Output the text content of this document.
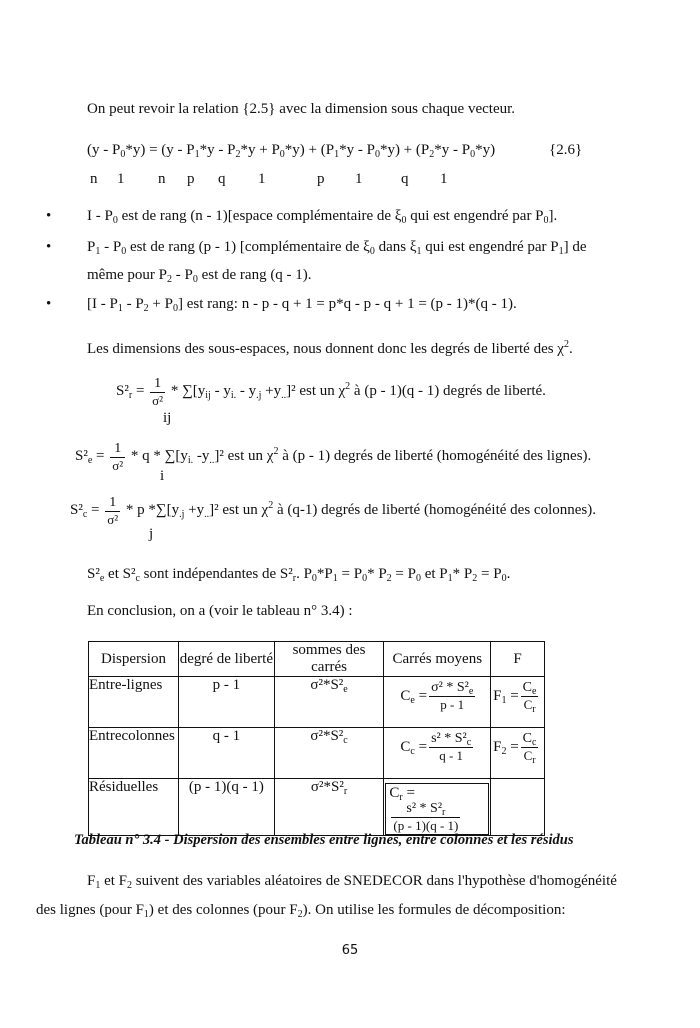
On peut revoir la relation {2.5} avec la dimension sous chaque vecteur.
$(y - P_0*y) = (y - P_1*y - P_2*y + P_0*y) + (P_1*y - P_0*y) + (P_2*y - P_0*y)$	{2.6}
n 1 n p q 1	p 1	q 1
• I - $P_0$ est de rang (n - 1)[espace complémentaire de $\xi_0$ qui est engendré par $P_0$].
• $P_1 - P_0$ est de rang (p - 1) [complémentaire de $\xi_0$ dans $\xi_1$ qui est engendré par $P_1$] de
même pour $P_2 - P_0$ est de rang (q - 1).
• $[I - P_1 - P_2 + P_0]$ est rang: n - p - q + 1 = p*q - p - q + 1 = (p - 1)*(q - 1).
Les dimensions des sous-espaces, nous donnent donc les degrés de liberté des $\chi^2$.
$S^2_r = \frac{1}{\text{σ²}} * \sum[y_{ij} - y_{i.} - y_{.j} +y_{..}]^2$ est un $\chi^2$ à (p - 1)(q - 1) degrés de liberté.
ij
$S^2_e = \frac{1}{\text{σ²}} * q * \sum[y_{i.}$ $-y_{..}]^2$ est un $\chi^2$ à (p - 1) degrés de liberté (homogénéité des lignes).
i
$S^2_c = \frac{1}{\text{σ²}} * p$ $*\sum[y_{.j} +y_{..}]^2$ est un $\chi^2$ à (q-1) degrés de liberté (homogénéité des colonnes).
j
$S^2_e$ et $S^2_c$ sont indépendantes de $S^2_r$. $P_0*P_1 = P_0*$ $P_2 = P_0$ et $P_1*$ $P_2 = P_0$.
En conclusion, on a (voir le tableau n° 3.4) :
Dispersion	degré de liberté	sommes des carrés	Carrés moyens	F
Entre-lignes	p - 1	$\sigma^2*S^2_e$	$C_e = \frac{\sigma^2 * S^2_e}{p - 1}$	$F_1 = \frac{C_e}{C_r}$

Entrecolonnes	q - 1	$\sigma^2*S^2_c$	$C_c = \frac{s^2 * S^2_c}{q - 1}$	$F_2 = \frac{C_c}{C_r}$

Résiduelles	(p - 1)(q - 1)	$\sigma^2*S^2_r$	$C_r$ =
$\frac{s^2 * S^2_r}{(p - 1)(q - 1)}$

Tableau n° 3.4 - Dispersion des ensembles entre lignes, entre colonnes et les résidus
$F_1$ et $F_2$ suivent des variables aléatoires de SNEDECOR dans l'hypothèse d'homogénéité
des lignes (pour $F_1$) et des colonnes (pour $F_2$). On utilise les formules de décomposition:
65
